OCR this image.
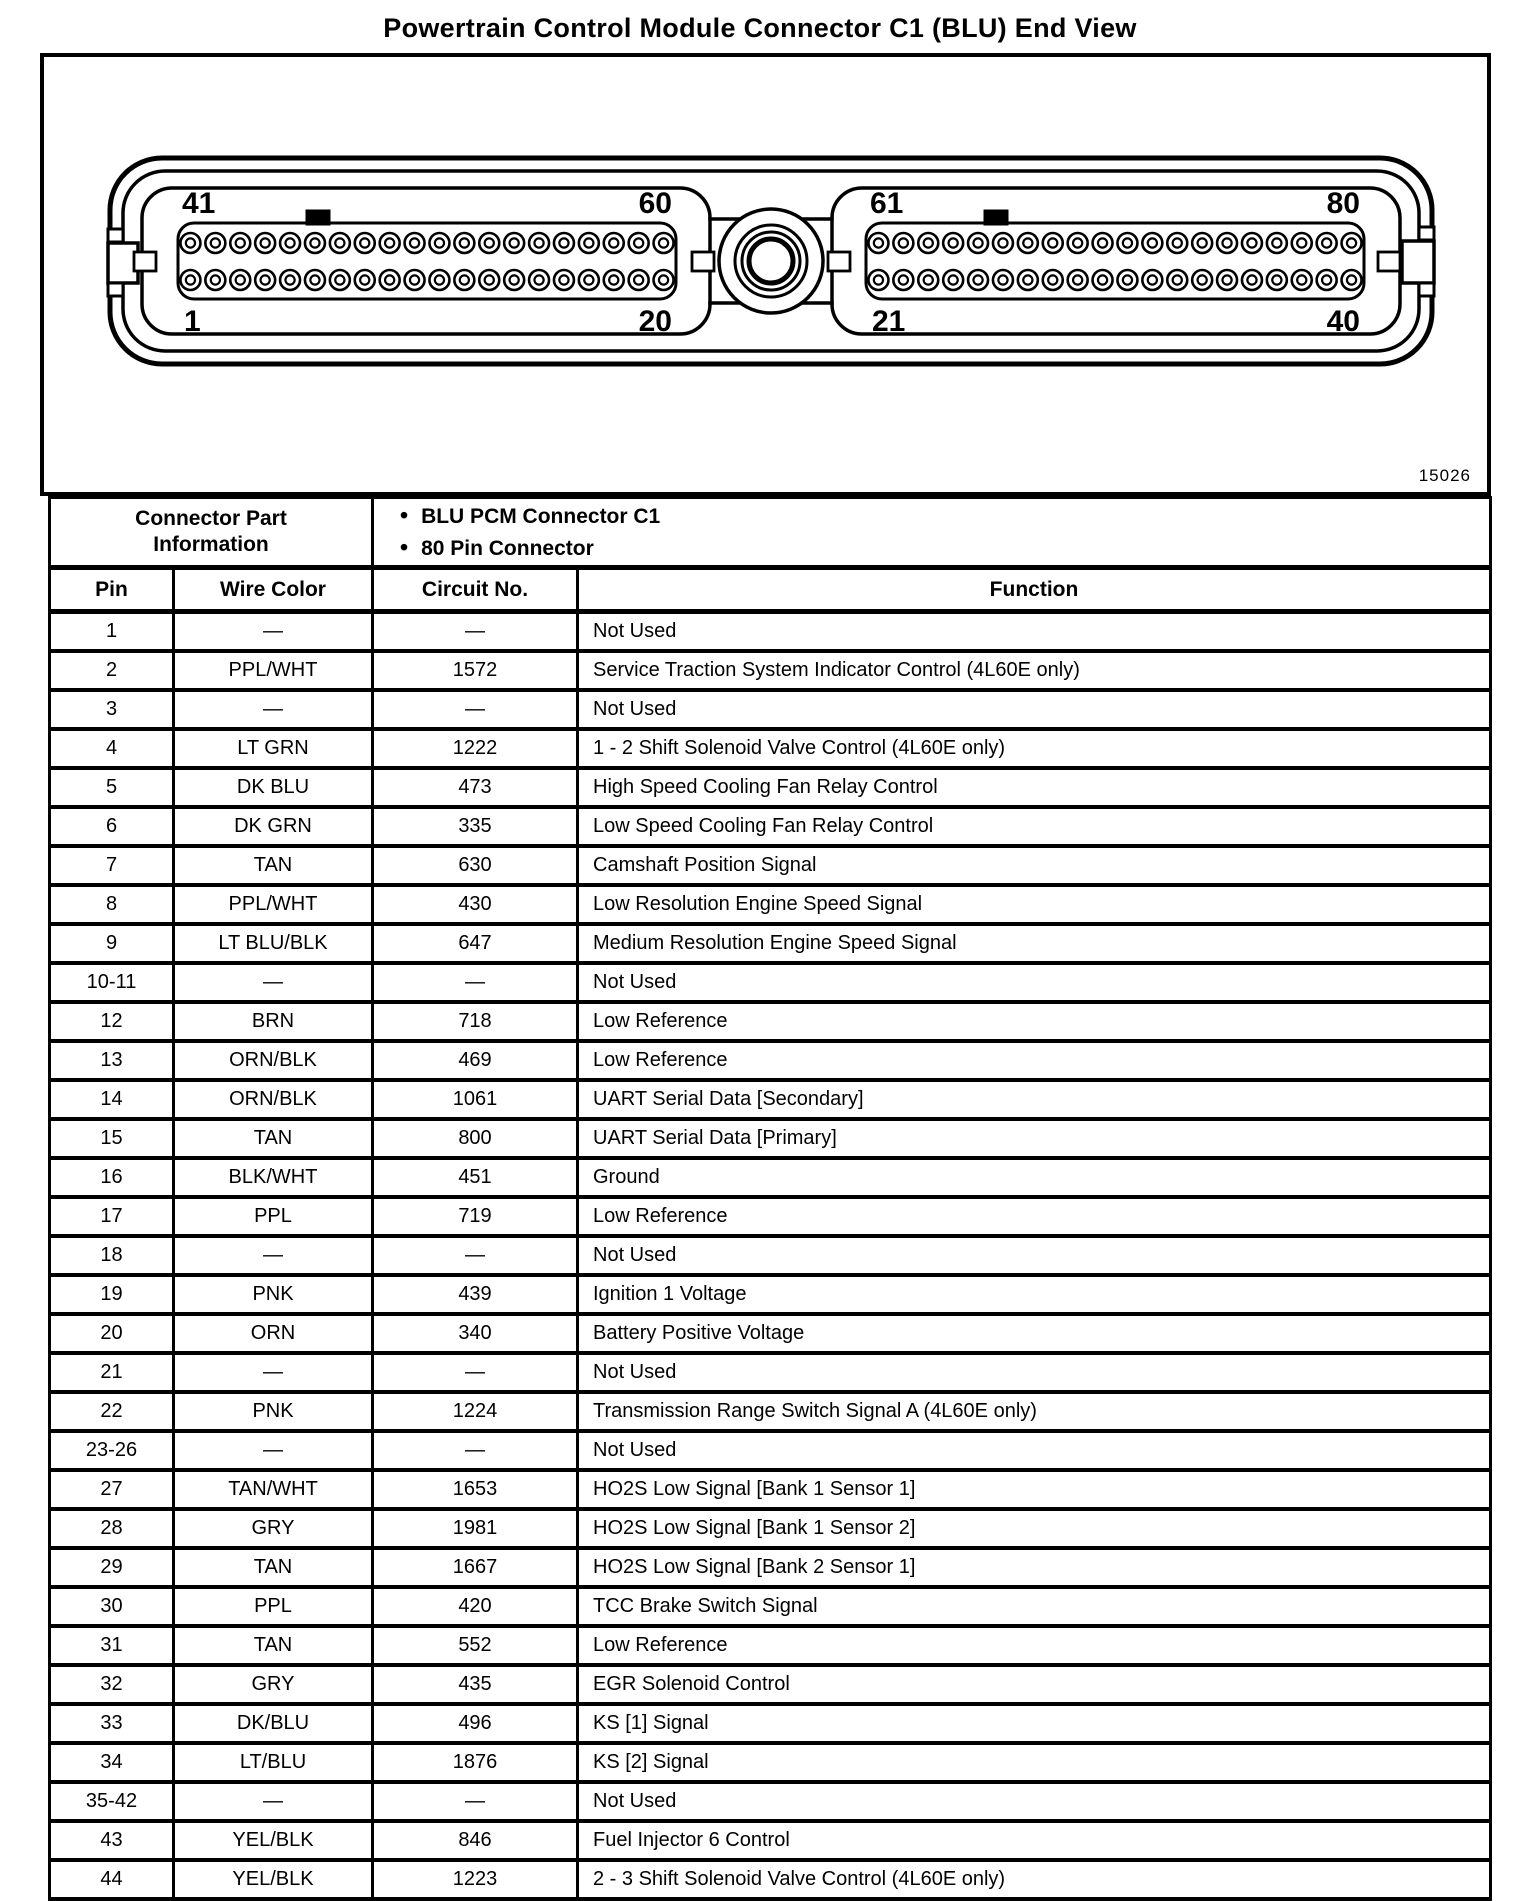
Powertrain Control Module Connector C1 (BLU) End View
41	60
1	20
61	80
21	40
15026
Connector Part Information		• BLU PCM Connector C1
• 80 Pin Connector

Pin	Wire Color	Circuit No.	Function
1	—	—	Not Used
2	PPL/WHT	1572	Service Traction System Indicator Control (4L60E only)
3	—	—	Not Used
4	LT GRN	1222	1 - 2 Shift Solenoid Valve Control (4L60E only)
5	DK BLU	473	High Speed Cooling Fan Relay Control
6	DK GRN	335	Low Speed Cooling Fan Relay Control
7	TAN	630	Camshaft Position Signal
8	PPL/WHT	430	Low Resolution Engine Speed Signal
9	LT BLU/BLK	647	Medium Resolution Engine Speed Signal
10-11	—	—	Not Used
12	BRN	718	Low Reference
13	ORN/BLK	469	Low Reference
14	ORN/BLK	1061	UART Serial Data [Secondary]
15	TAN	800	UART Serial Data [Primary]
16	BLK/WHT	451	Ground
17	PPL	719	Low Reference
18	—	—	Not Used
19	PNK	439	Ignition 1 Voltage
20	ORN	340	Battery Positive Voltage
21	—	—	Not Used
22	PNK	1224	Transmission Range Switch Signal A (4L60E only)
23-26	—	—	Not Used
27	TAN/WHT	1653	HO2S Low Signal [Bank 1 Sensor 1]
28	GRY	1981	HO2S Low Signal [Bank 1 Sensor 2]
29	TAN	1667	HO2S Low Signal [Bank 2 Sensor 1]
30	PPL	420	TCC Brake Switch Signal
31	TAN	552	Low Reference
32	GRY	435	EGR Solenoid Control
33	DK/BLU	496	KS [1] Signal
34	LT/BLU	1876	KS [2] Signal
35-42	—	—	Not Used
43	YEL/BLK	846	Fuel Injector 6 Control
44	YEL/BLK	1223	2 - 3 Shift Solenoid Valve Control (4L60E only)
